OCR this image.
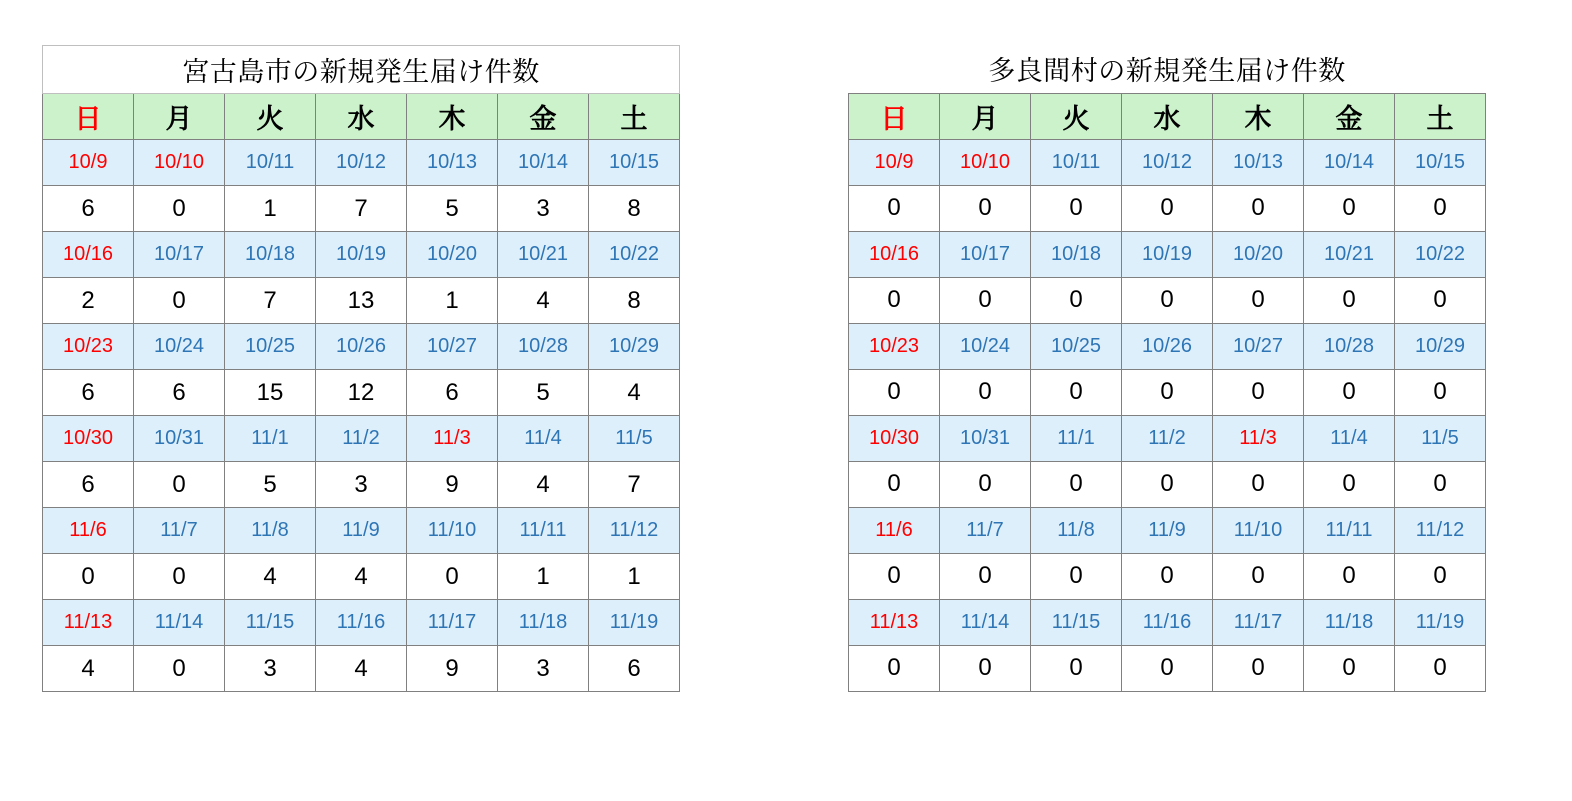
宮古島市の新規発生届け件数						
日	月	火	水	木	金	土
10/9	10/10	10/11	10/12	10/13	10/14	10/15
6	0	1	7	5	3	8
10/16	10/17	10/18	10/19	10/20	10/21	10/22
2	0	7	13	1	4	8
10/23	10/24	10/25	10/26	10/27	10/28	10/29
6	6	15	12	6	5	4
10/30	10/31	11/1	11/2	11/3	11/4	11/5
6	0	5	3	9	4	7
11/6	11/7	11/8	11/9	11/10	11/11	11/12
0	0	4	4	0	1	1
11/13	11/14	11/15	11/16	11/17	11/18	11/19
4	0	3	4	9	3	6
多良間村の新規発生届け件数						
日	月	火	水	木	金	土
10/9	10/10	10/11	10/12	10/13	10/14	10/15
0	0	0	0	0	0	0
10/16	10/17	10/18	10/19	10/20	10/21	10/22
0	0	0	0	0	0	0
10/23	10/24	10/25	10/26	10/27	10/28	10/29
0	0	0	0	0	0	0
10/30	10/31	11/1	11/2	11/3	11/4	11/5
0	0	0	0	0	0	0
11/6	11/7	11/8	11/9	11/10	11/11	11/12
0	0	0	0	0	0	0
11/13	11/14	11/15	11/16	11/17	11/18	11/19
0	0	0	0	0	0	0
